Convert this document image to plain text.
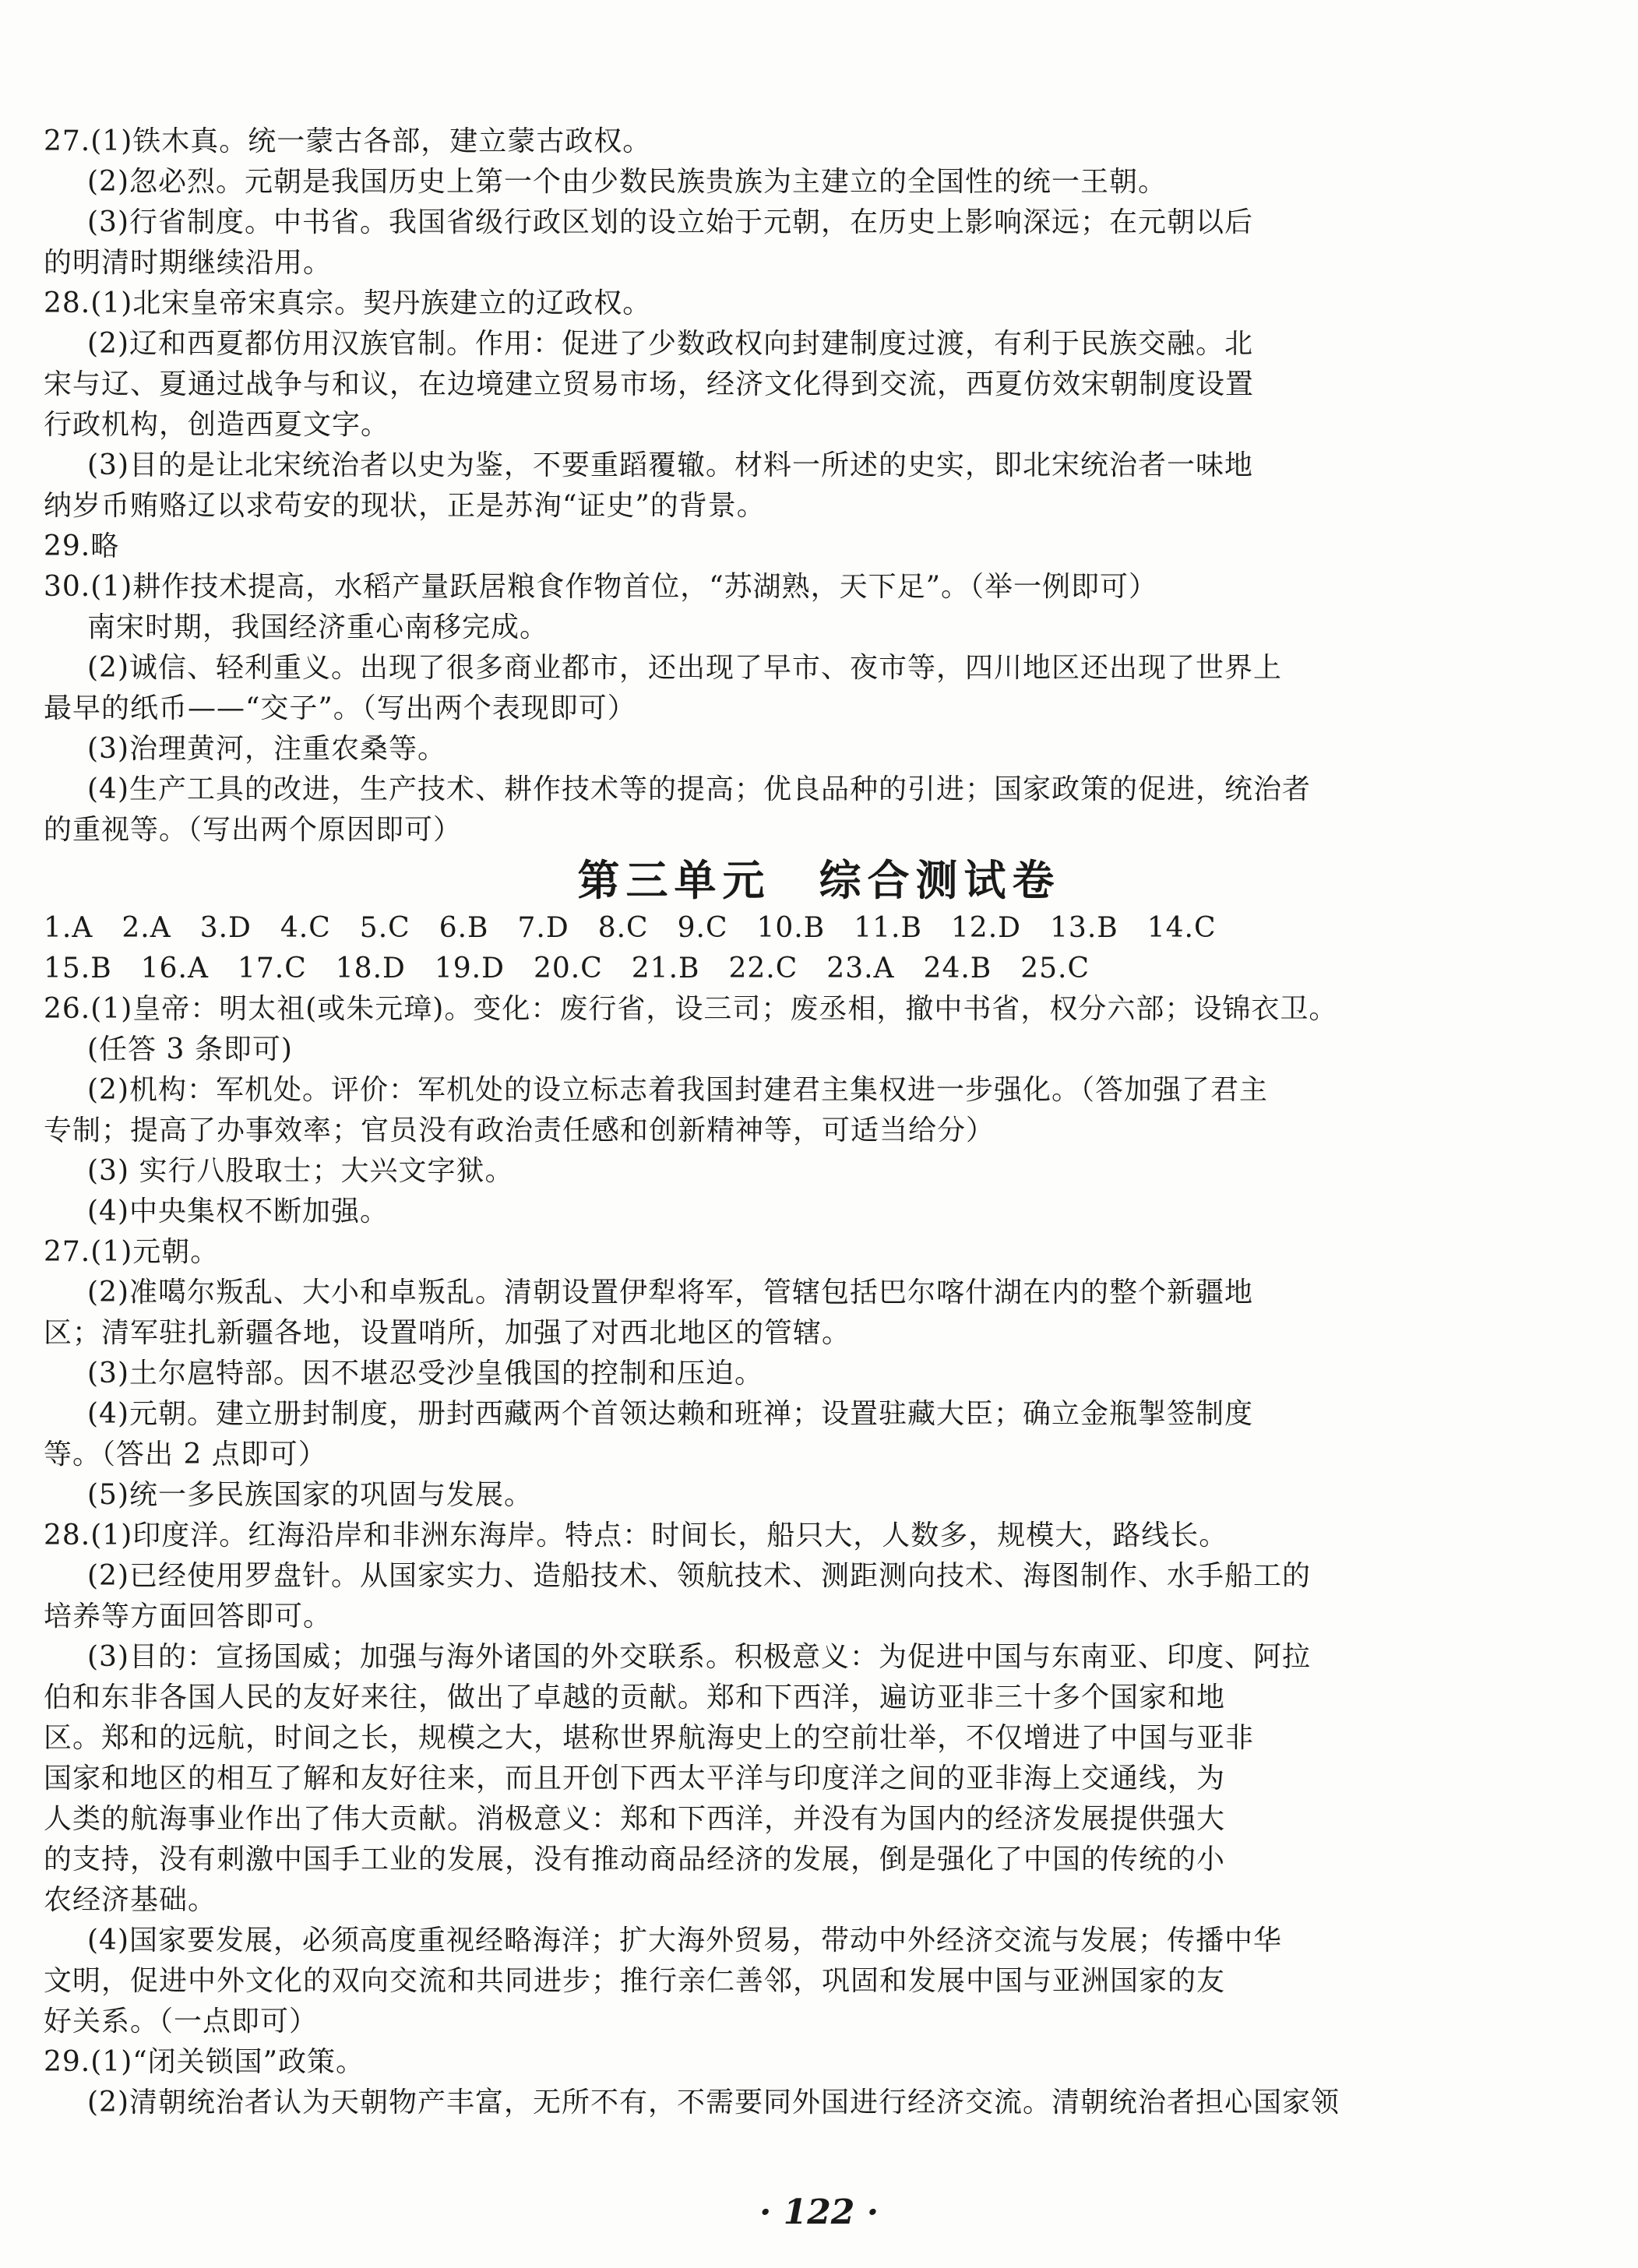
27.(1)铁木真。统一蒙古各部，建立蒙古政权。
(2)忽必烈。元朝是我国历史上第一个由少数民族贵族为主建立的全国性的统一王朝。
(3)行省制度。中书省。我国省级行政区划的设立始于元朝，在历史上影响深远；在元朝以后
的明清时期继续沿用。
28.(1)北宋皇帝宋真宗。契丹族建立的辽政权。
(2)辽和西夏都仿用汉族官制。作用：促进了少数政权向封建制度过渡，有利于民族交融。北
宋与辽、夏通过战争与和议，在边境建立贸易市场，经济文化得到交流，西夏仿效宋朝制度设置
行政机构，创造西夏文字。
(3)目的是让北宋统治者以史为鉴，不要重蹈覆辙。材料一所述的史实，即北宋统治者一味地
纳岁币贿赂辽以求苟安的现状，正是苏洵“证史”的背景。
29.略
30.(1)耕作技术提高，水稻产量跃居粮食作物首位，“苏湖熟，天下足”。（举一例即可）
南宋时期，我国经济重心南移完成。
(2)诚信、轻利重义。出现了很多商业都市，还出现了早市、夜市等，四川地区还出现了世界上
最早的纸币——“交子”。（写出两个表现即可）
(3)治理黄河，注重农桑等。
(4)生产工具的改进，生产技术、耕作技术等的提高；优良品种的引进；国家政策的促进，统治者
的重视等。（写出两个原因即可）
第三单元　综合测试卷
1.A　2.A　3.D　4.C　5.C　6.B　7.D　8.C　9.C　10.B　11.B　12.D　13.B　14.C
15.B　16.A　17.C　18.D　19.D　20.C　21.B　22.C　23.A　24.B　25.C
26.(1)皇帝：明太祖(或朱元璋)。变化：废行省，设三司；废丞相，撤中书省，权分六部；设锦衣卫。
(任答 3 条即可)
(2)机构：军机处。评价：军机处的设立标志着我国封建君主集权进一步强化。（答加强了君主
专制；提高了办事效率；官员没有政治责任感和创新精神等，可适当给分）
(3) 实行八股取士；大兴文字狱。
(4)中央集权不断加强。
27.(1)元朝。
(2)准噶尔叛乱、大小和卓叛乱。清朝设置伊犁将军，管辖包括巴尔喀什湖在内的整个新疆地
区；清军驻扎新疆各地，设置哨所，加强了对西北地区的管辖。
(3)土尔扈特部。因不堪忍受沙皇俄国的控制和压迫。
(4)元朝。建立册封制度，册封西藏两个首领达赖和班禅；设置驻藏大臣；确立金瓶掣签制度
等。（答出 2 点即可）
(5)统一多民族国家的巩固与发展。
28.(1)印度洋。红海沿岸和非洲东海岸。特点：时间长，船只大，人数多，规模大，路线长。
(2)已经使用罗盘针。从国家实力、造船技术、领航技术、测距测向技术、海图制作、水手船工的
培养等方面回答即可。
(3)目的：宣扬国威；加强与海外诸国的外交联系。积极意义：为促进中国与东南亚、印度、阿拉
伯和东非各国人民的友好来往，做出了卓越的贡献。郑和下西洋，遍访亚非三十多个国家和地
区。郑和的远航，时间之长，规模之大，堪称世界航海史上的空前壮举，不仅增进了中国与亚非
国家和地区的相互了解和友好往来，而且开创下西太平洋与印度洋之间的亚非海上交通线，为
人类的航海事业作出了伟大贡献。消极意义：郑和下西洋，并没有为国内的经济发展提供强大
的支持，没有刺激中国手工业的发展，没有推动商品经济的发展，倒是强化了中国的传统的小
农经济基础。
(4)国家要发展，必须高度重视经略海洋；扩大海外贸易，带动中外经济交流与发展；传播中华
文明，促进中外文化的双向交流和共同进步；推行亲仁善邻，巩固和发展中国与亚洲国家的友
好关系。（一点即可）
29.(1)“闭关锁国”政策。
(2)清朝统治者认为天朝物产丰富，无所不有，不需要同外国进行经济交流。清朝统治者担心国家领
· 122 ·
